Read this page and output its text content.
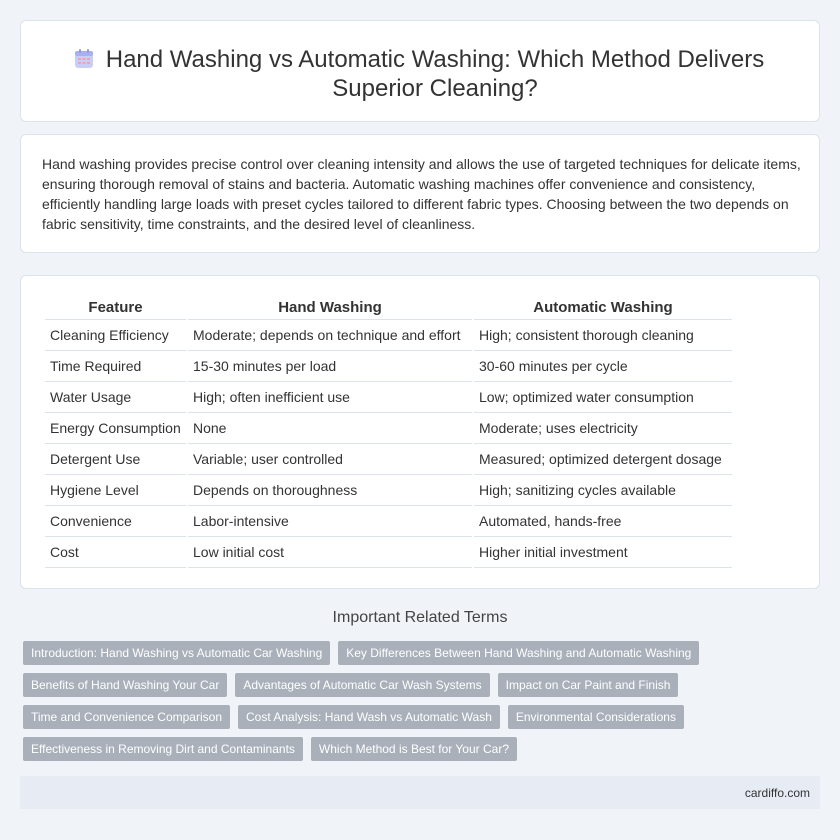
Hand Washing vs Automatic Washing: Which Method Delivers Superior Cleaning?

Hand washing provides precise control over cleaning intensity and allows the use of targeted techniques for delicate items, ensuring thorough removal of stains and bacteria. Automatic washing machines offer convenience and consistency, efficiently handling large loads with preset cycles tailored to different fabric types. Choosing between the two depends on fabric sensitivity, time constraints, and the desired level of cleanliness.

Feature	Hand Washing	Automatic Washing
Cleaning Efficiency	Moderate; depends on technique and effort	High; consistent thorough cleaning
Time Required	15-30 minutes per load	30-60 minutes per cycle
Water Usage	High; often inefficient use	Low; optimized water consumption
Energy Consumption	None	Moderate; uses electricity
Detergent Use	Variable; user controlled	Measured; optimized detergent dosage
Hygiene Level	Depends on thoroughness	High; sanitizing cycles available
Convenience	Labor-intensive	Automated, hands-free
Cost	Low initial cost	Higher initial investment
Important Related Terms
Introduction: Hand Washing vs Automatic Car Washing	Key Differences Between Hand Washing and Automatic Washing
Benefits of Hand Washing Your Car	Advantages of Automatic Car Wash Systems	Impact on Car Paint and Finish
Time and Convenience Comparison	Cost Analysis: Hand Wash vs Automatic Wash	Environmental Considerations
Effectiveness in Removing Dirt and Contaminants	Which Method is Best for Your Car?
cardiffo.com
